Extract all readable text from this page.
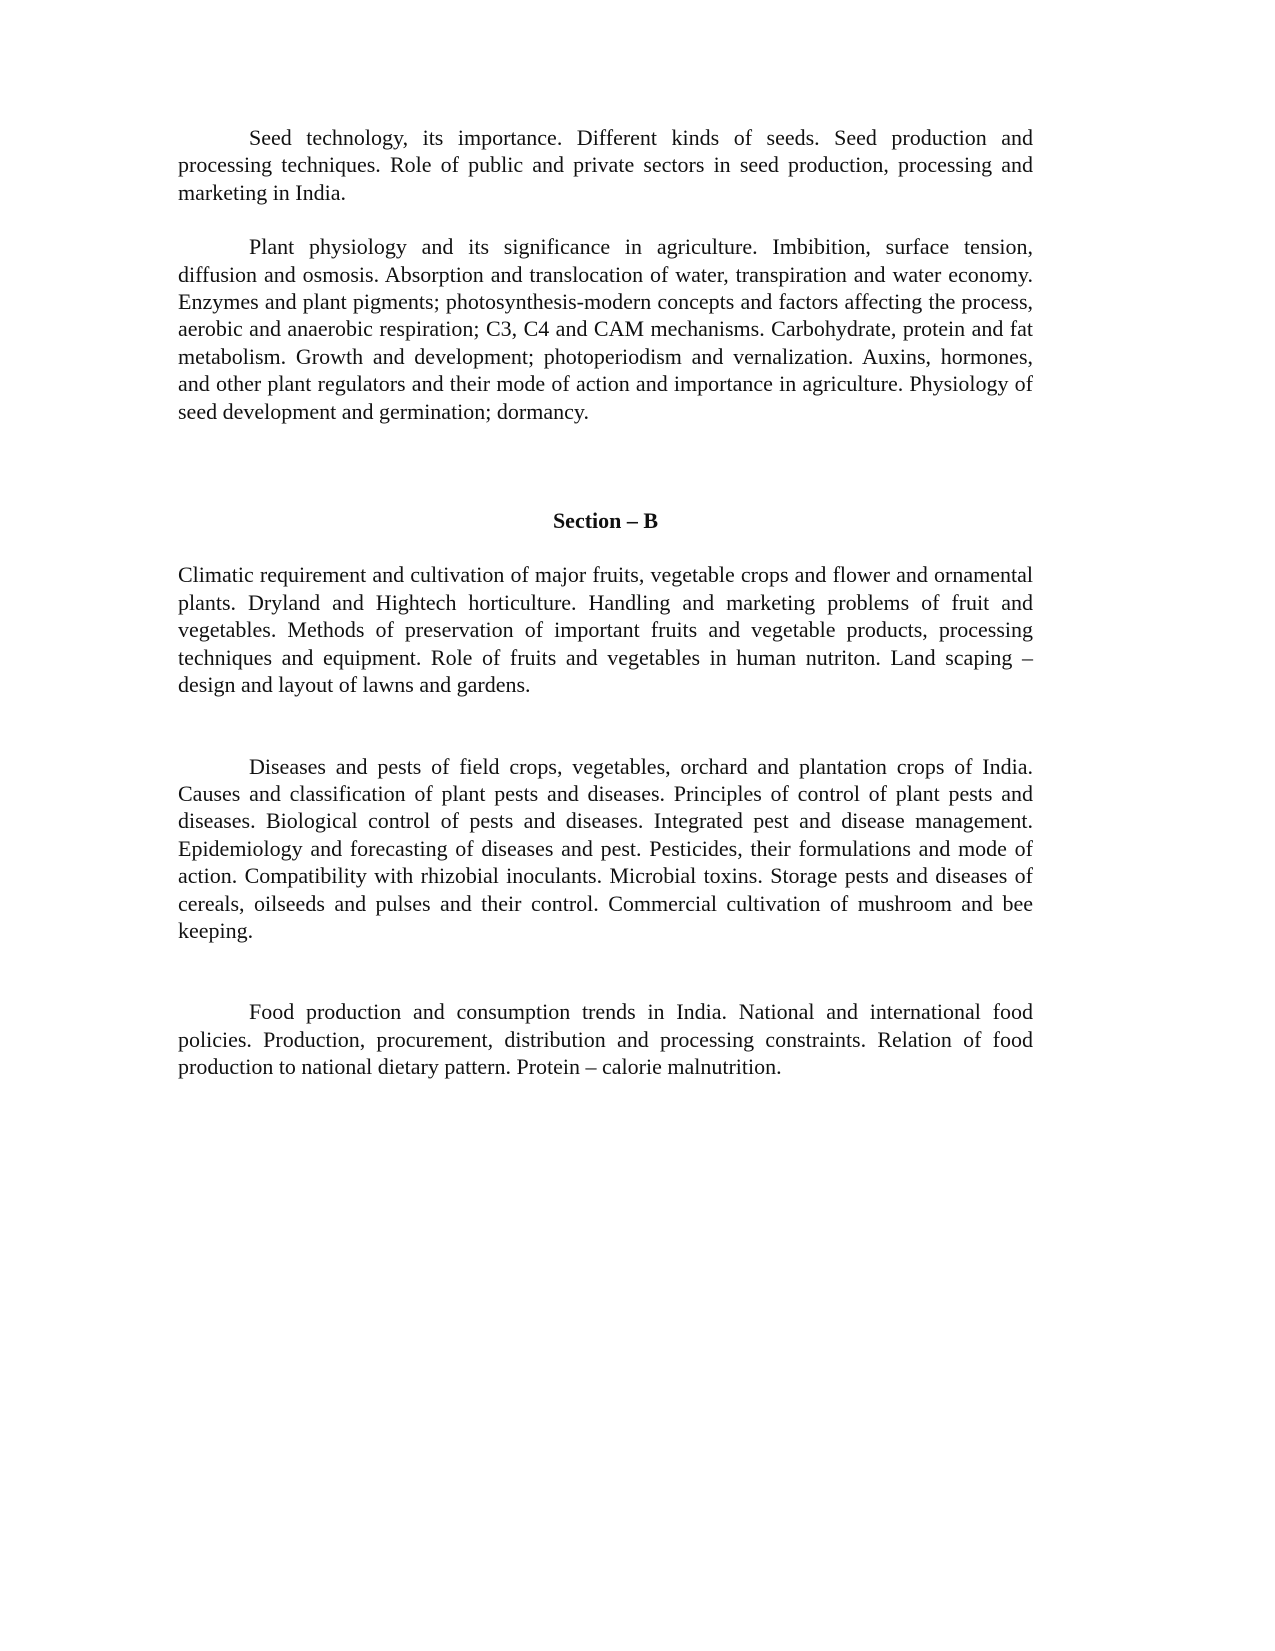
Seed technology, its importance. Different kinds of seeds. Seed production and processing techniques. Role of public and private sectors in seed production, processing and marketing in India.

Plant physiology and its significance in agriculture. Imbibition, surface tension, diffusion and osmosis. Absorption and translocation of water, transpiration and water economy. Enzymes and plant pigments; photosynthesis-modern concepts and factors affecting the process, aerobic and anaerobic respiration; C3, C4 and CAM mechanisms. Carbohydrate, protein and fat metabolism. Growth and development; photoperiodism and vernalization. Auxins, hormones, and other plant regulators and their mode of action and importance in agriculture. Physiology of seed development and germination; dormancy.

Section – B

Climatic requirement and cultivation of major fruits, vegetable crops and flower and ornamental plants. Dryland and Hightech horticulture. Handling and marketing problems of fruit and vegetables. Methods of preservation of important fruits and vegetable products, processing techniques and equipment. Role of fruits and vegetables in human nutriton. Land scaping – design and layout of lawns and gardens.

Diseases and pests of field crops, vegetables, orchard and plantation crops of India. Causes and classification of plant pests and diseases. Principles of control of plant pests and diseases. Biological control of pests and diseases. Integrated pest and disease management. Epidemiology and forecasting of diseases and pest. Pesticides, their formulations and mode of action. Compatibility with rhizobial inoculants. Microbial toxins. Storage pests and diseases of cereals, oilseeds and pulses and their control. Commercial cultivation of mushroom and bee keeping.

Food production and consumption trends in India. National and international food policies. Production, procurement, distribution and processing constraints. Relation of food production to national dietary pattern. Protein – calorie malnutrition.
